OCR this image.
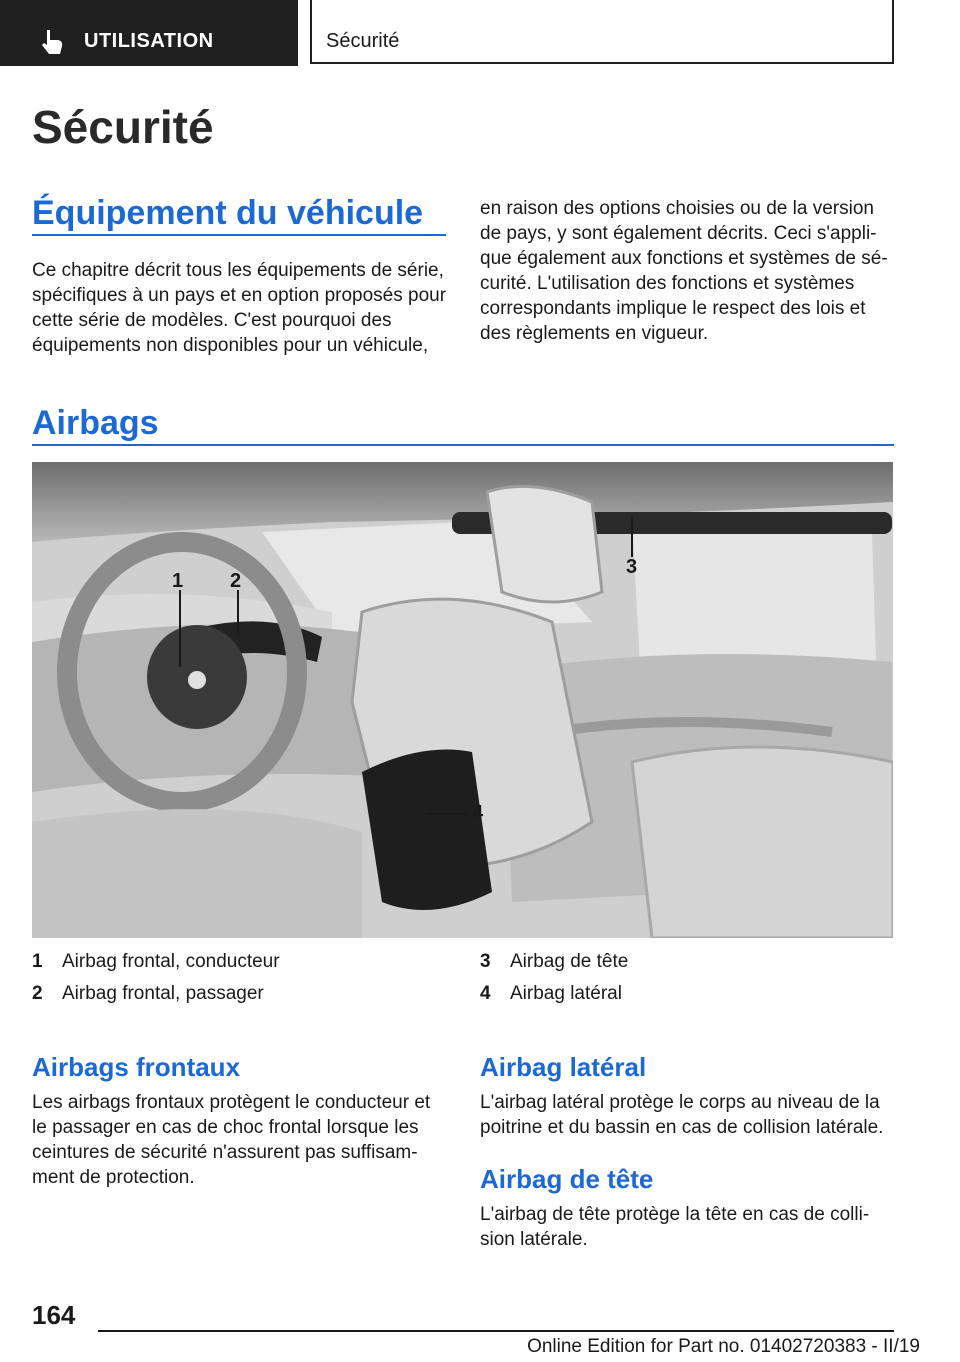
UTILISATION	Sécurité
Sécurité
Équipement du véhicule
Ce chapitre décrit tous les équipements de série, spécifiques à un pays et en option proposés pour cette série de modèles. C'est pourquoi des équipements non disponibles pour un véhicule,
en raison des options choisies ou de la version de pays, y sont également décrits. Ceci s'appli-que également aux fonctions et systèmes de sé-curité. L'utilisation des fonctions et systèmes correspondants implique le respect des lois et des règlements en vigueur.
Airbags
1 2
3
4
1	Airbag frontal, conducteur
2	Airbag frontal, passager
3	Airbag de tête
4	Airbag latéral
Airbags frontaux
Les airbags frontaux protègent le conducteur et le passager en cas de choc frontal lorsque les ceintures de sécurité n'assurent pas suffisam-ment de protection.
Airbag latéral
L'airbag latéral protège le corps au niveau de la poitrine et du bassin en cas de collision latérale.
Airbag de tête
L'airbag de tête protège la tête en cas de colli-sion latérale.
164
Online Edition for Part no. 01402720383 - II/19
